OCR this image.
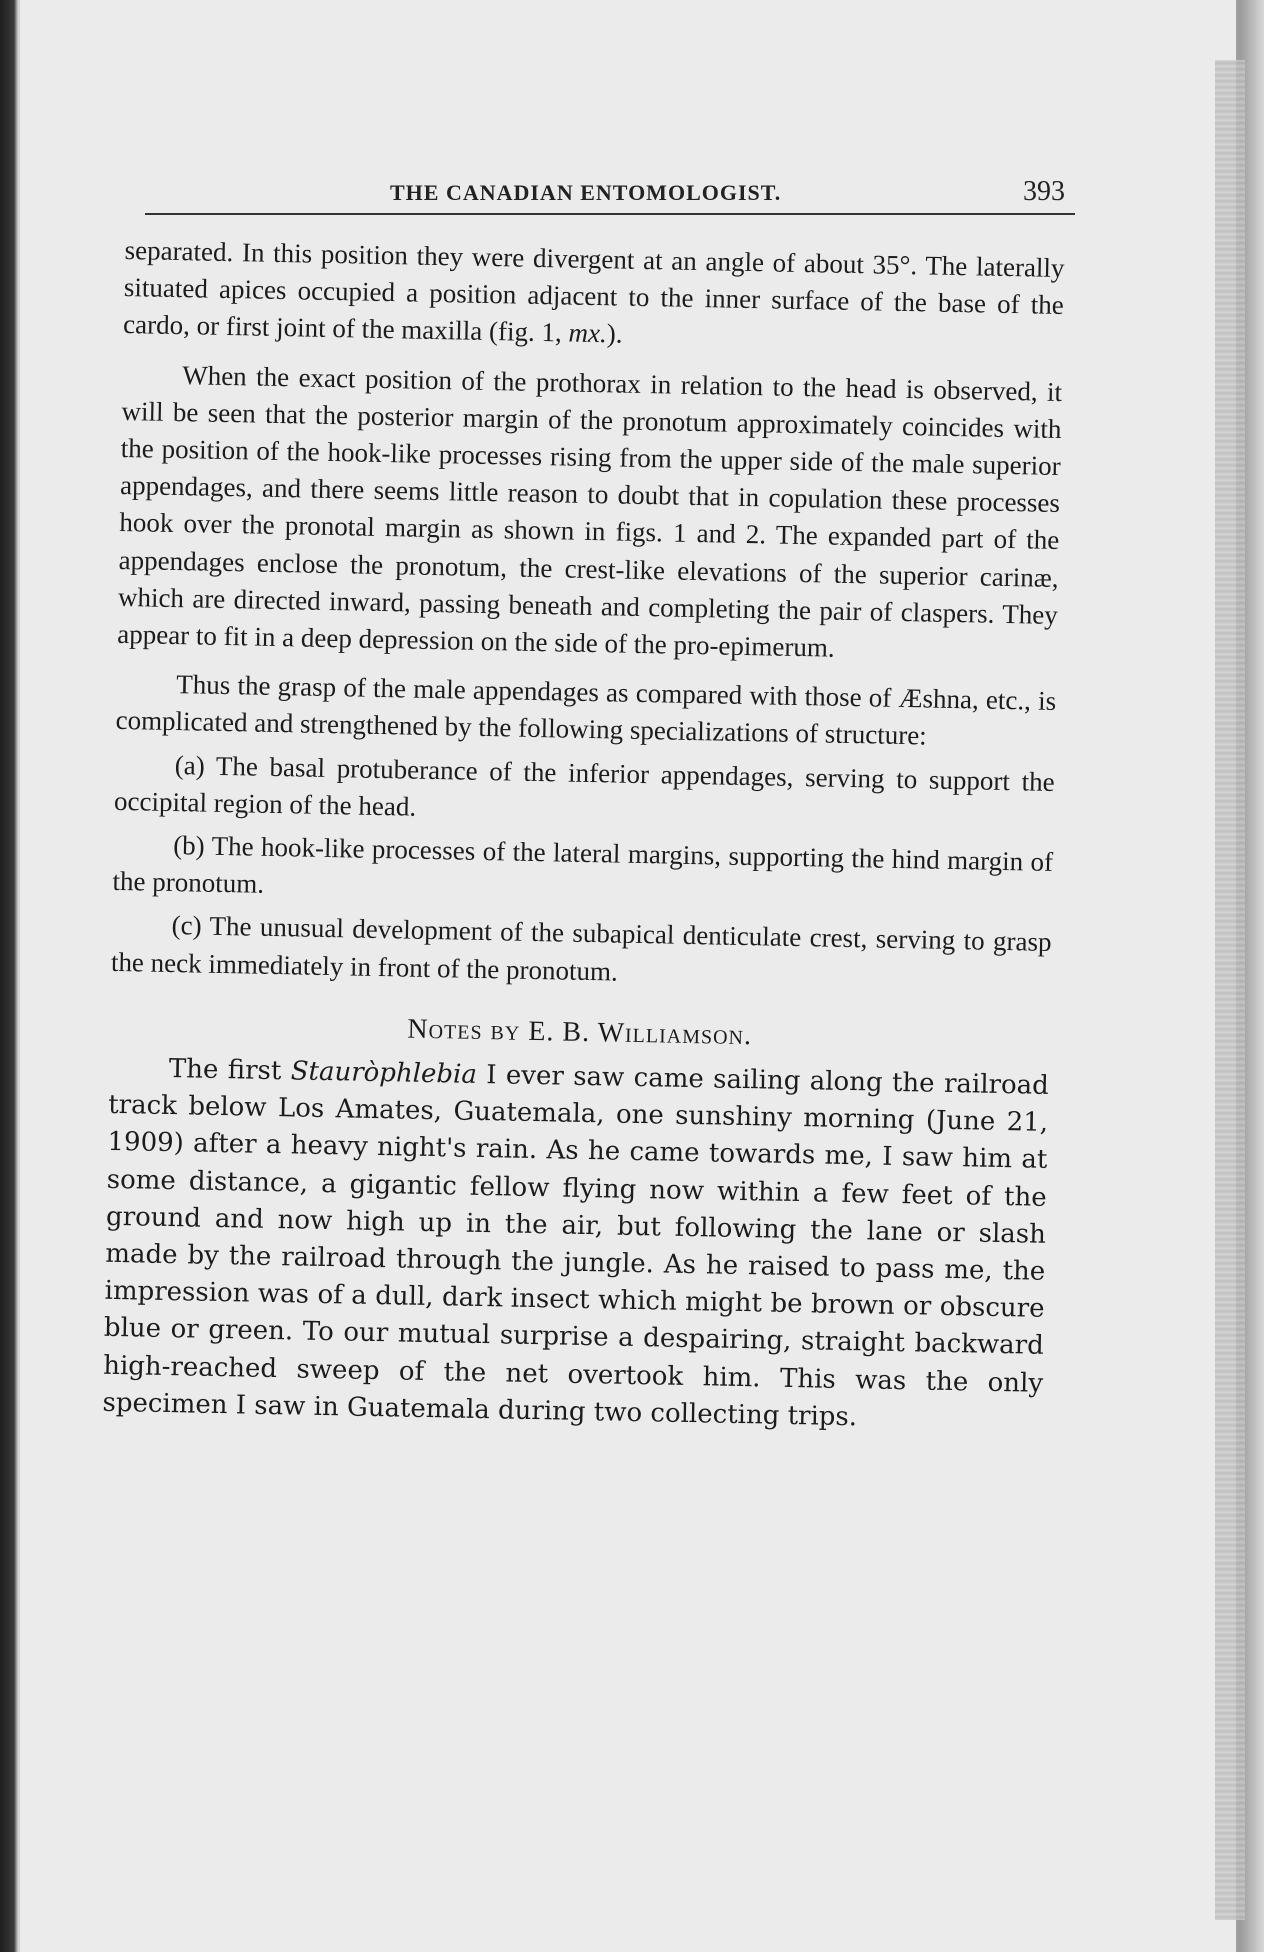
THE CANADIAN ENTOMOLOGIST.	393

separated. In this position they were divergent at an angle of about 35°. The laterally situated apices occupied a position adjacent to the inner surface of the base of the cardo, or first joint of the maxilla (fig. 1, mx.).

When the exact position of the prothorax in relation to the head is observed, it will be seen that the posterior margin of the pronotum approximately coincides with the position of the hook-like processes rising from the upper side of the male superior appendages, and there seems little reason to doubt that in copulation these processes hook over the pronotal margin as shown in figs. 1 and 2. The expanded part of the appendages enclose the pronotum, the crest-like elevations of the superior carinæ, which are directed inward, passing beneath and completing the pair of claspers. They appear to fit in a deep depression on the side of the pro-epimerum.

Thus the grasp of the male appendages as compared with those of Æshna, etc., is complicated and strengthened by the following specializations of structure:

(a) The basal protuberance of the inferior appendages, serving to support the occipital region of the head.

(b) The hook-like processes of the lateral margins, supporting the hind margin of the pronotum.

(c) The unusual development of the subapical denticulate crest, serving to grasp the neck immediately in front of the pronotum.

Notes by E. B. Williamson.

The first Stauròphlebia I ever saw came sailing along the railroad track below Los Amates, Guatemala, one sunshiny morning (June 21, 1909) after a heavy night's rain. As he came towards me, I saw him at some distance, a gigantic fellow flying now within a few feet of the ground and now high up in the air, but following the lane or slash made by the railroad through the jungle. As he raised to pass me, the impression was of a dull, dark insect which might be brown or obscure blue or green. To our mutual surprise a despairing, straight backward high-reached sweep of the net overtook him. This was the only specimen I saw in Guatemala during two collecting trips.
